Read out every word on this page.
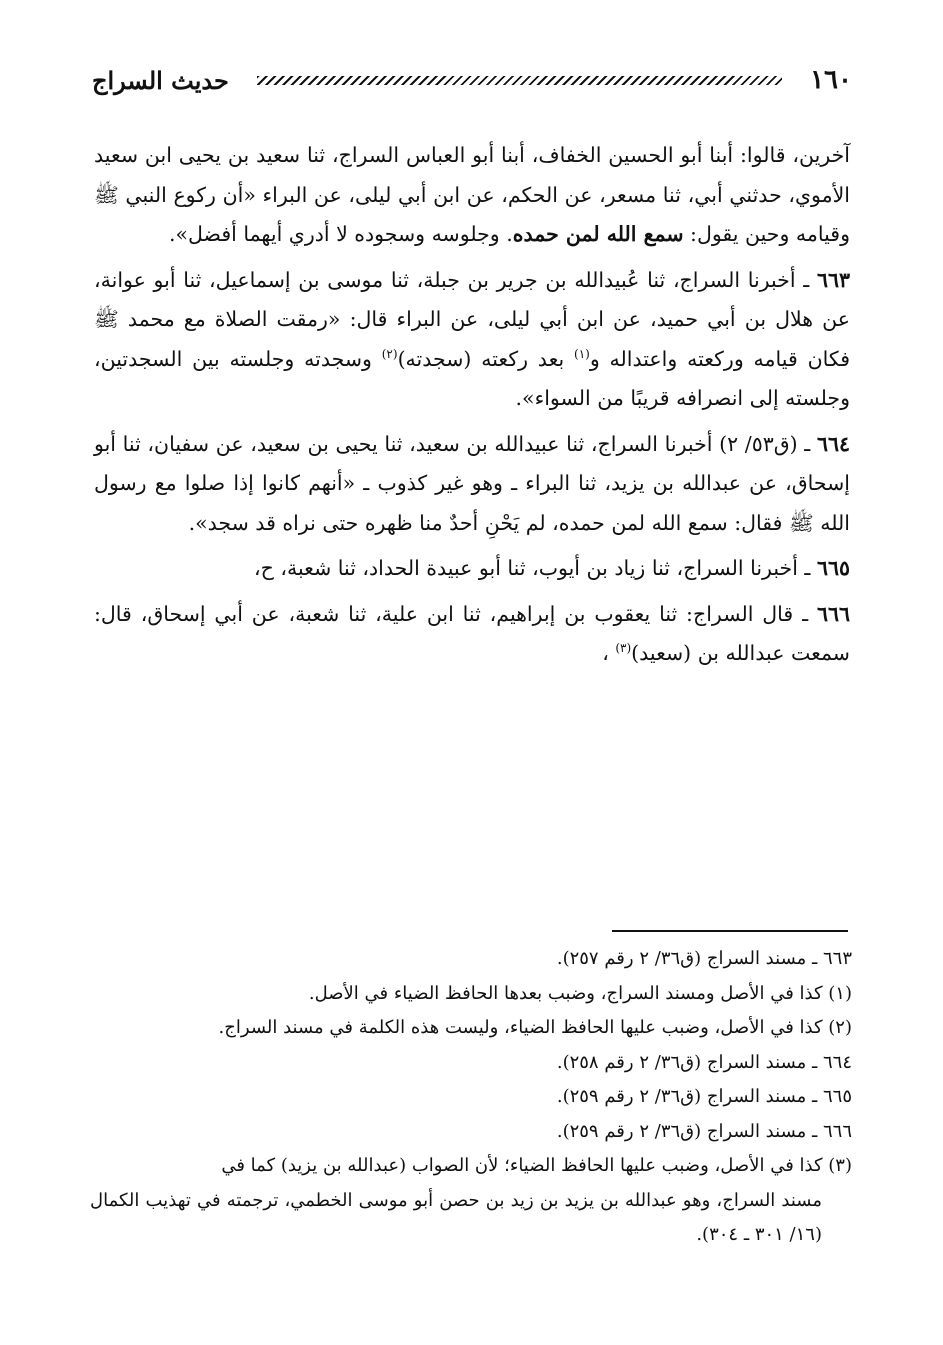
١٦٠
حديث السراج

آخرين، قالوا: أبنا أبو الحسين الخفاف، أبنا أبو العباس السراج، ثنا سعيد بن يحيى ابن سعيد الأموي، حدثني أبي، ثنا مسعر، عن الحكم، عن ابن أبي ليلى، عن البراء «أن ركوع النبي ﷺ وقيامه وحين يقول: سمع الله لمن حمده. وجلوسه وسجوده لا أدري أيهما أفضل».

٦٦٣ ـ أخبرنا السراج، ثنا عُبيدالله بن جرير بن جبلة، ثنا موسى بن إسماعيل، ثنا أبو عوانة، عن هلال بن أبي حميد، عن ابن أبي ليلى، عن البراء قال: «رمقت الصلاة مع محمد ﷺ فكان قيامه وركعته واعتداله و$^{(١)}$ بعد ركعته (سجدته)$^{(٢)}$ وسجدته وجلسته بين السجدتين، وجلسته إلى انصرافه قريبًا من السواء».

٦٦٤ ـ (ق٥٣/ ٢) أخبرنا السراج، ثنا عبيدالله بن سعيد، ثنا يحيى بن سعيد، عن سفيان، ثنا أبو إسحاق، عن عبدالله بن يزيد، ثنا البراء ـ وهو غير كذوب ـ «أنهم كانوا إذا صلوا مع رسول الله ﷺ فقال: سمع الله لمن حمده، لم يَحْنِ أحدٌ منا ظهره حتى نراه قد سجد».

٦٦٥ ـ أخبرنا السراج، ثنا زياد بن أيوب، ثنا أبو عبيدة الحداد، ثنا شعبة، ح،

٦٦٦ ـ قال السراج: ثنا يعقوب بن إبراهيم، ثنا ابن علية، ثنا شعبة، عن أبي إسحاق، قال: سمعت عبدالله بن (سعيد)$^{(٣)}$ ،

٦٦٣ ـ مسند السراج (ق٣٦/ ٢ رقم ٢٥٧).

(١) كذا في الأصل ومسند السراج، وضبب بعدها الحافظ الضياء في الأصل.

(٢) كذا في الأصل، وضبب عليها الحافظ الضياء، وليست هذه الكلمة في مسند السراج.

٦٦٤ ـ مسند السراج (ق٣٦/ ٢ رقم ٢٥٨).

٦٦٥ ـ مسند السراج (ق٣٦/ ٢ رقم ٢٥٩).

٦٦٦ ـ مسند السراج (ق٣٦/ ٢ رقم ٢٥٩).

(٣) كذا في الأصل، وضبب عليها الحافظ الضياء؛ لأن الصواب (عبدالله بن يزيد) كما في

مسند السراج، وهو عبدالله بن يزيد بن زيد بن حصن أبو موسى الخطمي، ترجمته في تهذيب الكمال (١٦/ ٣٠١ ـ ٣٠٤).
